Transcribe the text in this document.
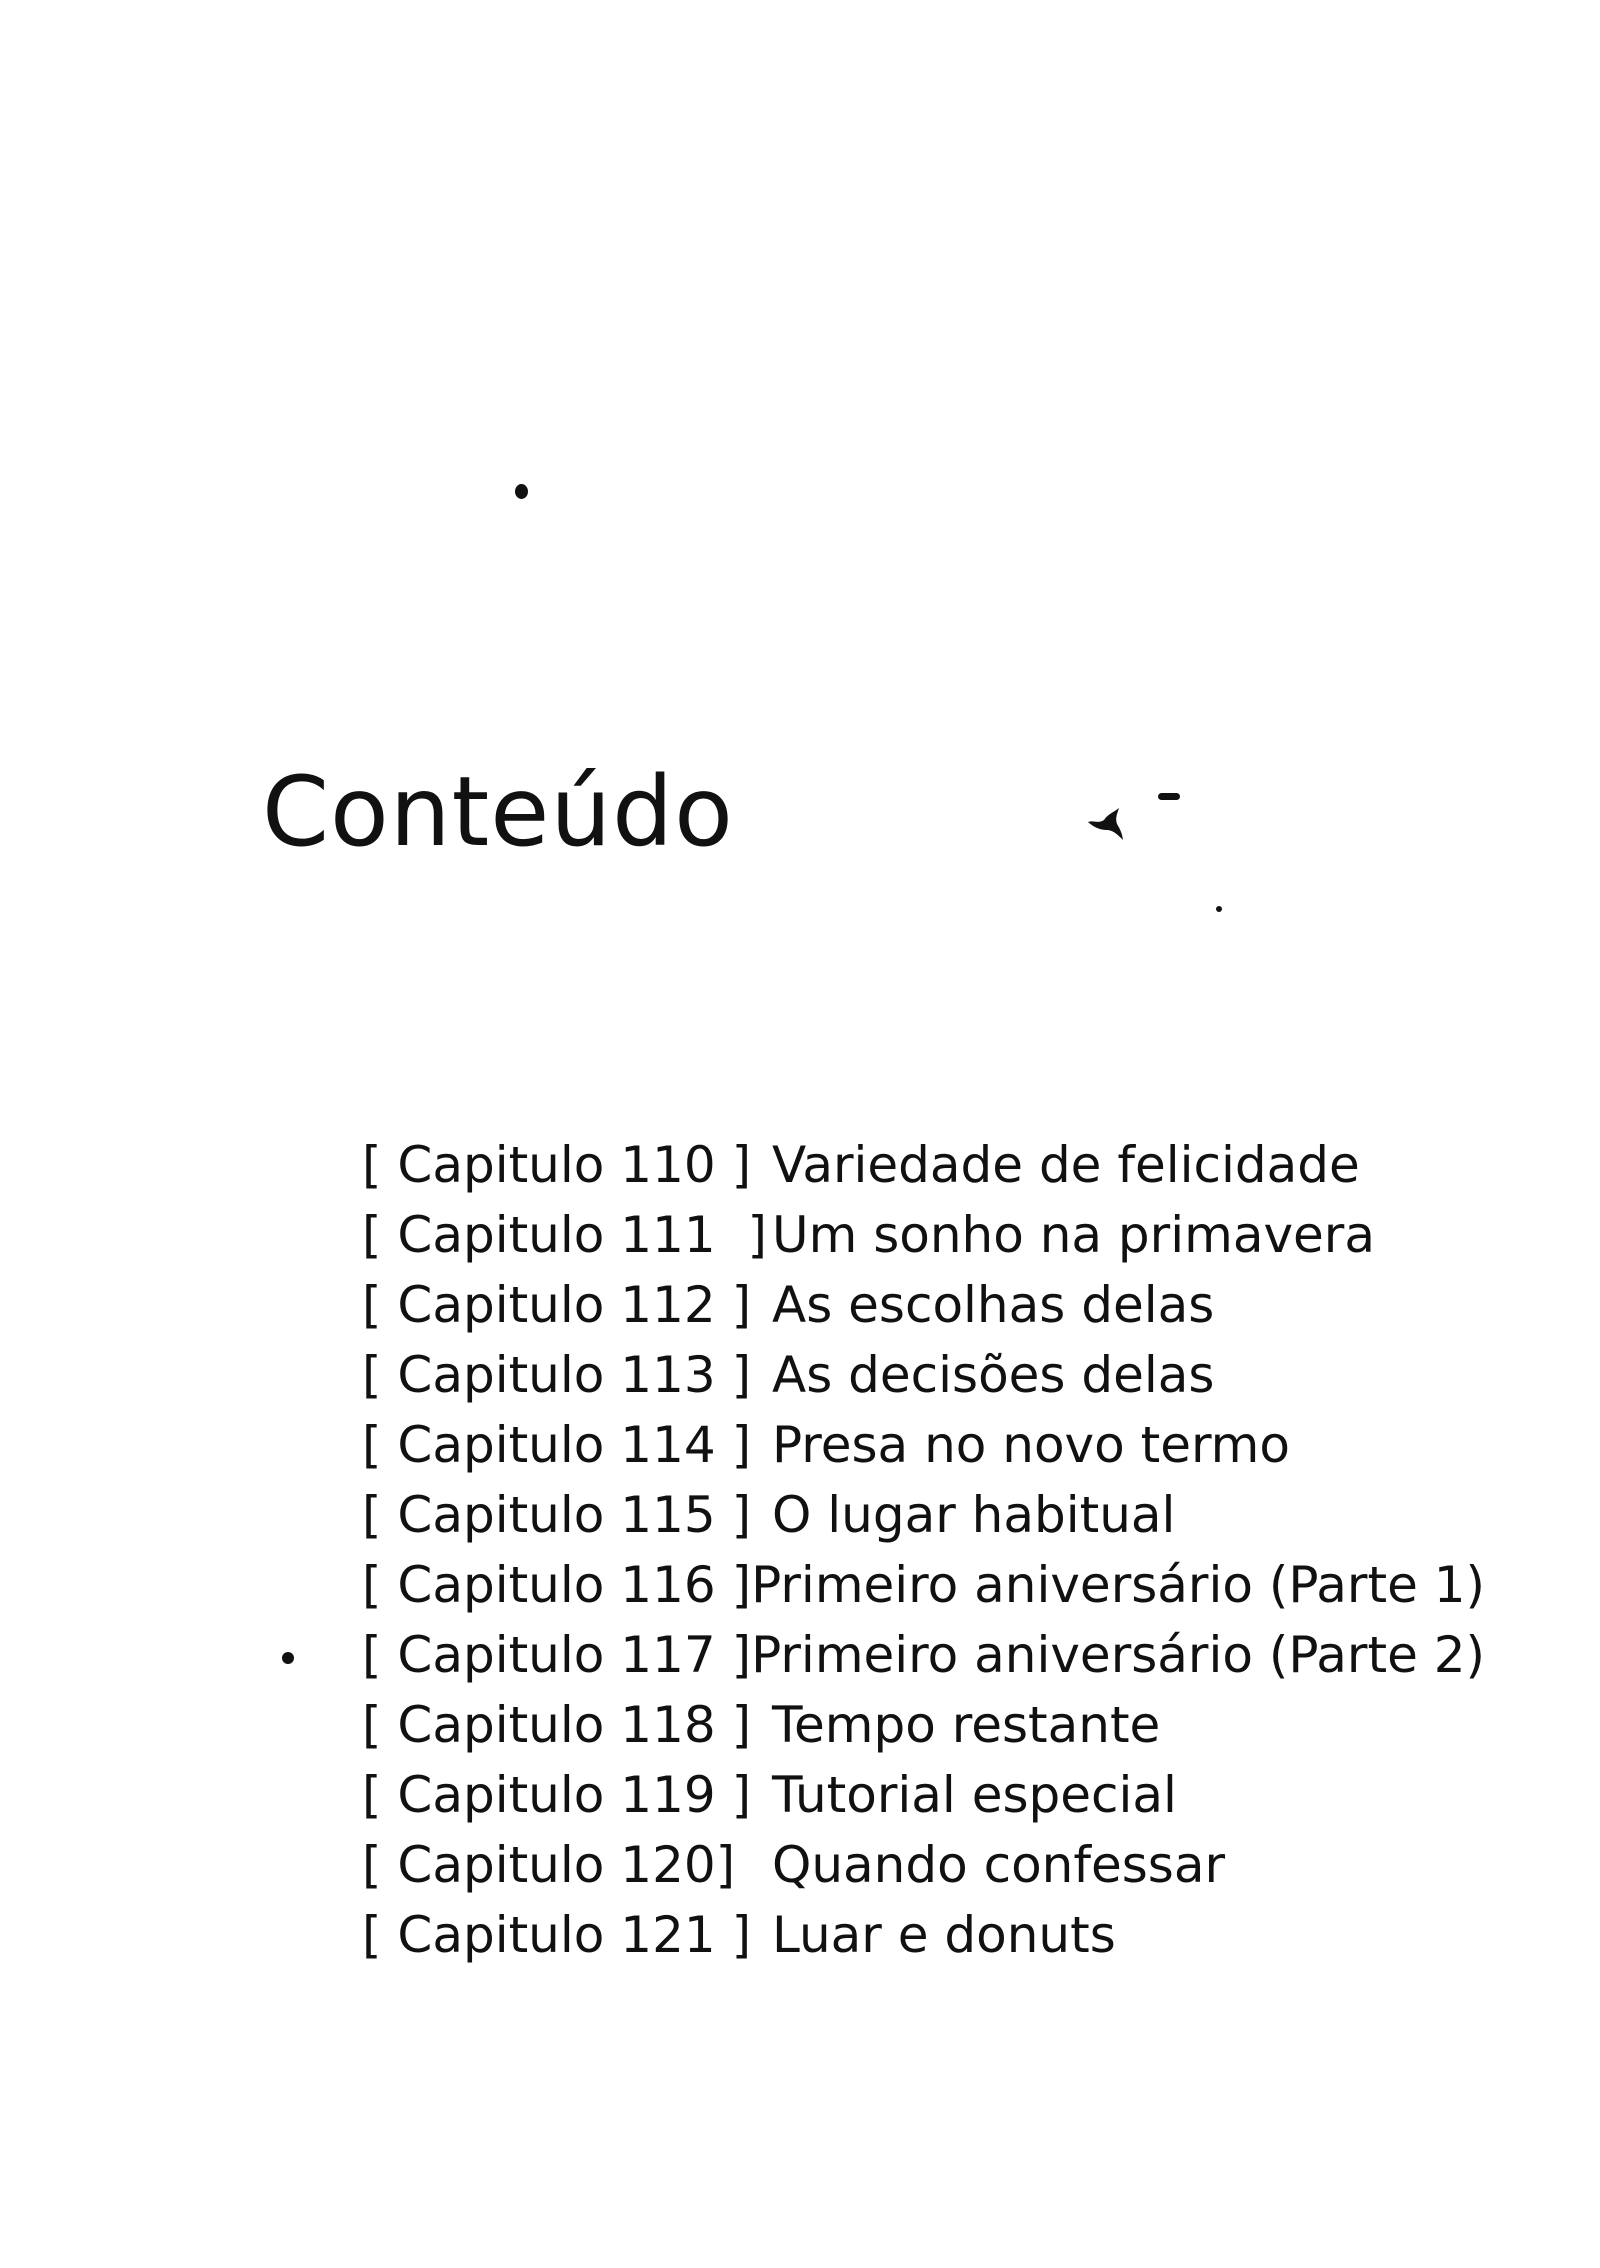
Conteúdo
[ Capitulo 110 ] Variedade de felicidade
[ Capitulo 111  ] Um sonho na primavera
[ Capitulo 112 ] As escolhas delas
[ Capitulo 113 ] As decisões delas
[ Capitulo 114 ] Presa no novo termo
[ Capitulo 115 ] O lugar habitual
[ Capitulo 116 ] Primeiro aniversário (Parte 1)
[ Capitulo 117 ] Primeiro aniversário (Parte 2)
[ Capitulo 118 ] Tempo restante
[ Capitulo 119 ] Tutorial especial
[ Capitulo 120] Quando confessar
[ Capitulo 121 ] Luar e donuts
